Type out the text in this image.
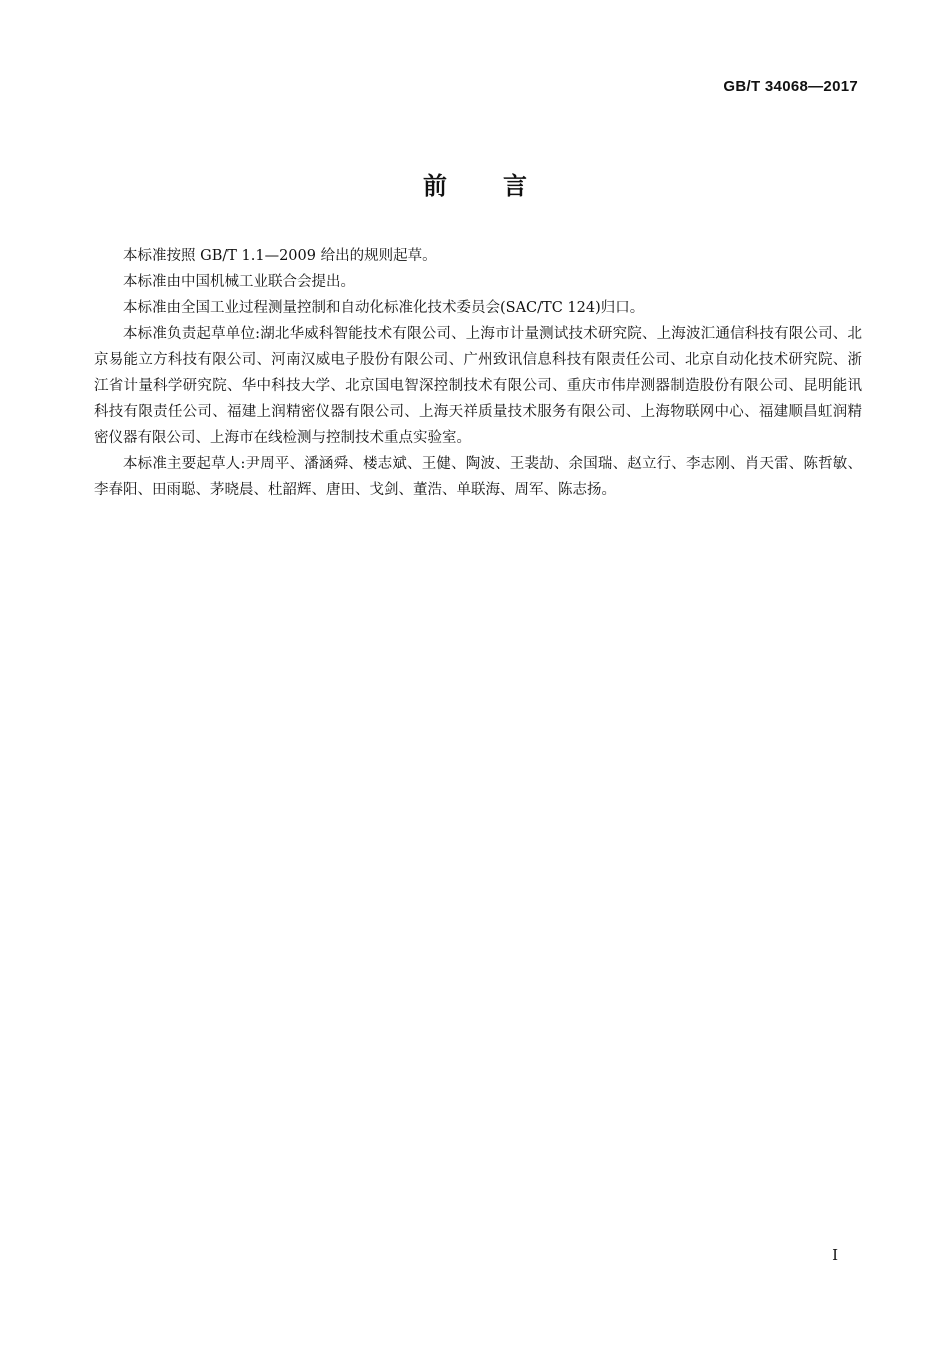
GB/T 34068—2017
前言

本标准按照 GB/T 1.1—2009 给出的规则起草。

本标准由中国机械工业联合会提出。

本标准由全国工业过程测量控制和自动化标准化技术委员会(SAC/TC 124)归口。

本标准负责起草单位:湖北华威科智能技术有限公司、上海市计量测试技术研究院、上海波汇通信科技有限公司、北京易能立方科技有限公司、河南汉威电子股份有限公司、广州致讯信息科技有限责任公司、北京自动化技术研究院、浙江省计量科学研究院、华中科技大学、北京国电智深控制技术有限公司、重庆市伟岸测器制造股份有限公司、昆明能讯科技有限责任公司、福建上润精密仪器有限公司、上海天祥质量技术服务有限公司、上海物联网中心、福建顺昌虹润精密仪器有限公司、上海市在线检测与控制技术重点实验室。

本标准主要起草人:尹周平、潘涵舜、楼志斌、王健、陶波、王裴劼、余国瑞、赵立行、李志刚、肖天雷、陈哲敏、李春阳、田雨聪、茅晓晨、杜韶辉、唐田、戈剑、董浩、单联海、周军、陈志扬。

I
